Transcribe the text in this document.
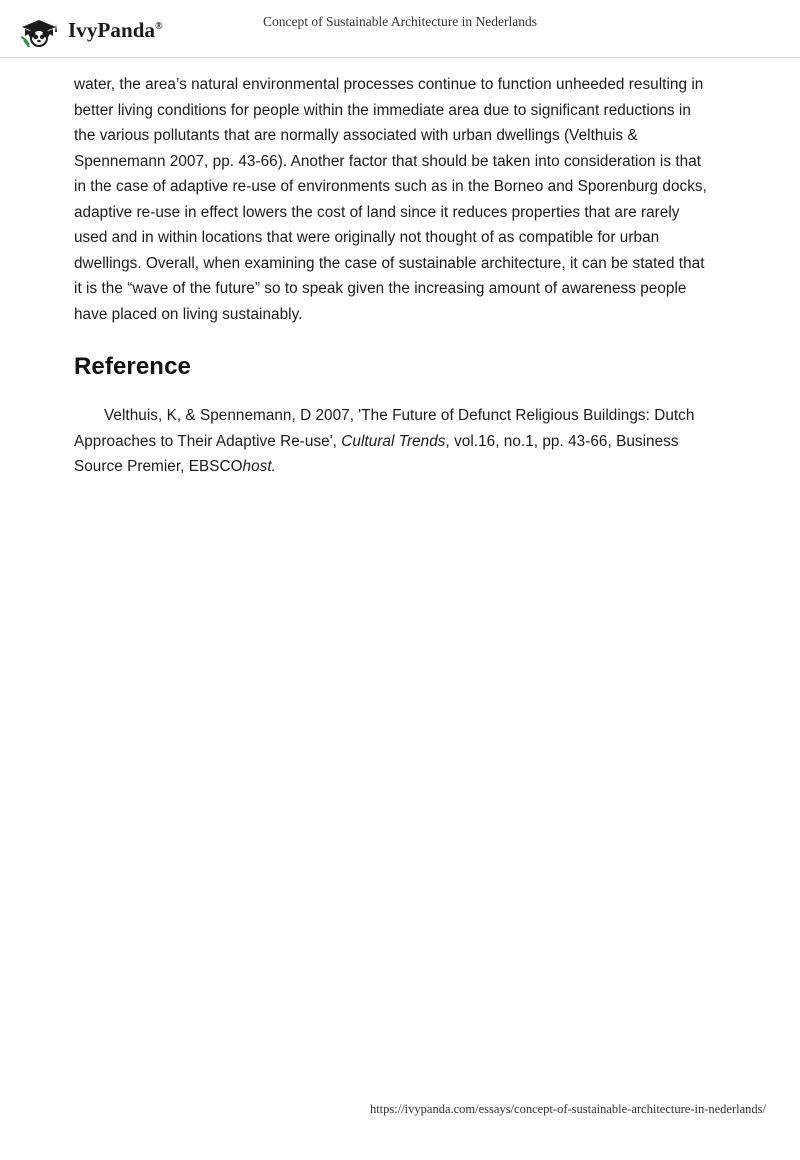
IvyPanda®	Concept of Sustainable Architecture in Nederlands

water, the area’s natural environmental processes continue to function unheeded resulting in better living conditions for people within the immediate area due to significant reductions in the various pollutants that are normally associated with urban dwellings (Velthuis & Spennemann 2007, pp. 43-66). Another factor that should be taken into consideration is that in the case of adaptive re-use of environments such as in the Borneo and Sporenburg docks, adaptive re-use in effect lowers the cost of land since it reduces properties that are rarely used and in within locations that were originally not thought of as compatible for urban dwellings. Overall, when examining the case of sustainable architecture, it can be stated that it is the “wave of the future” so to speak given the increasing amount of awareness people have placed on living sustainably.

Reference

Velthuis, K, & Spennemann, D 2007, 'The Future of Defunct Religious Buildings: Dutch Approaches to Their Adaptive Re-use', Cultural Trends, vol.16, no.1, pp. 43-66, Business Source Premier, EBSCOhost.

https://ivypanda.com/essays/concept-of-sustainable-architecture-in-nederlands/
